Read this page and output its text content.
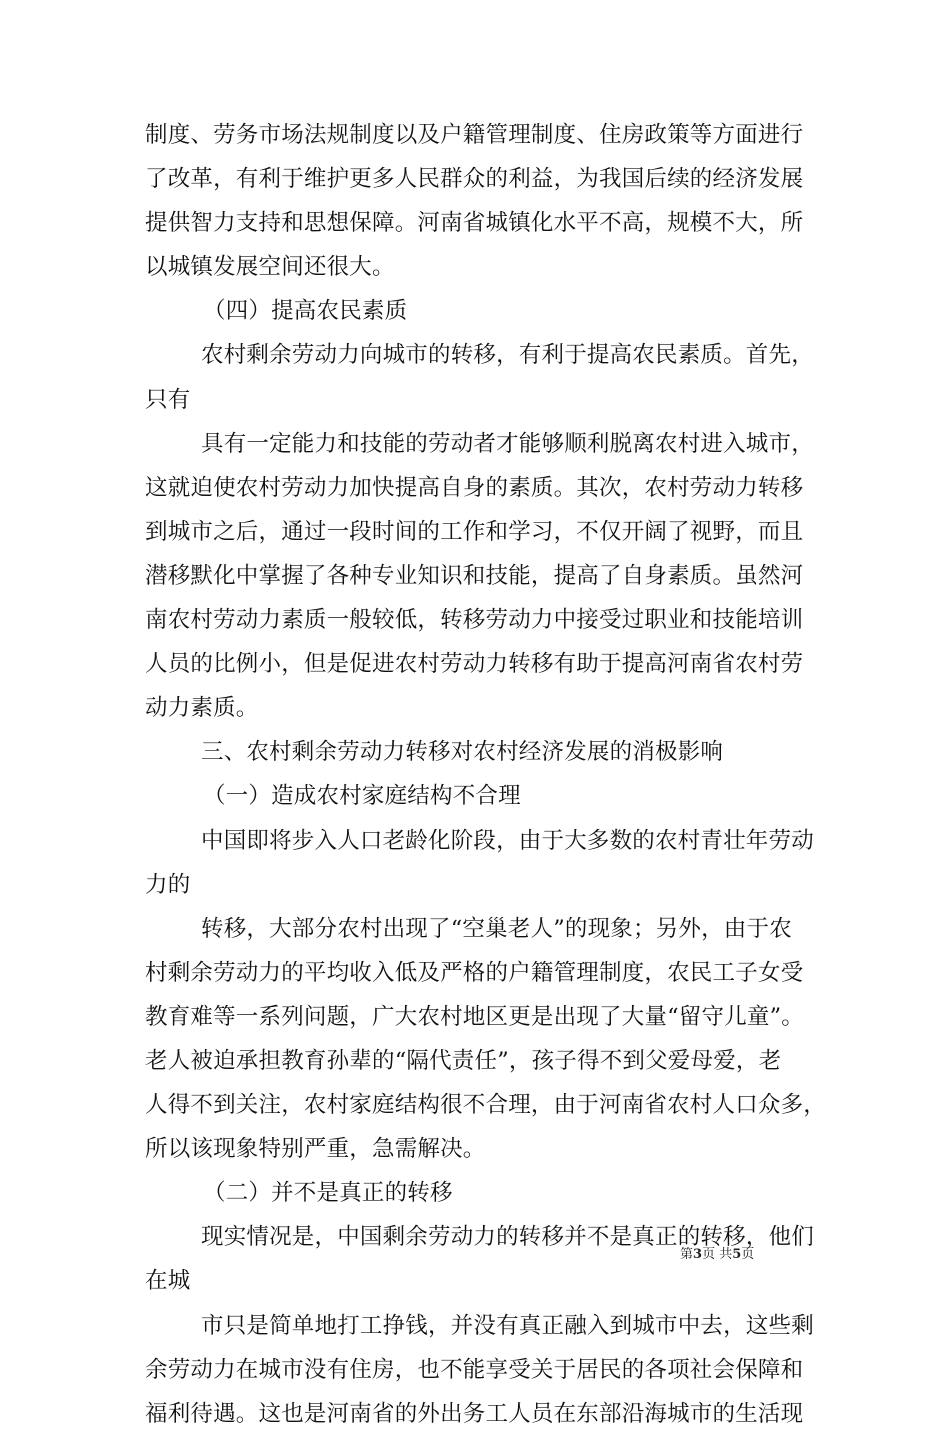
制度、劳务市场法规制度以及户籍管理制度、住房政策等方面进行
了改革，有利于维护更多人民群众的利益，为我国后续的经济发展
提供智力支持和思想保障。河南省城镇化水平不高，规模不大，所
以城镇发展空间还很大。
（四）提高农民素质
农村剩余劳动力向城市的转移，有利于提高农民素质。首先，
只有
具有一定能力和技能的劳动者才能够顺利脱离农村进入城市，
这就迫使农村劳动力加快提高自身的素质。其次，农村劳动力转移
到城市之后，通过一段时间的工作和学习，不仅开阔了视野，而且
潜移默化中掌握了各种专业知识和技能，提高了自身素质。虽然河
南农村劳动力素质一般较低，转移劳动力中接受过职业和技能培训
人员的比例小，但是促进农村劳动力转移有助于提高河南省农村劳
动力素质。
三、农村剩余劳动力转移对农村经济发展的消极影响
（一）造成农村家庭结构不合理
中国即将步入人口老龄化阶段，由于大多数的农村青壮年劳动
力的
转移，大部分农村出现了“空巢老人”的现象；另外，由于农
村剩余劳动力的平均收入低及严格的户籍管理制度，农民工子女受
教育难等一系列问题，广大农村地区更是出现了大量“留守儿童”。
老人被迫承担教育孙辈的“隔代责任”，孩子得不到父爱母爱，老
人得不到关注，农村家庭结构很不合理，由于河南省农村人口众多，
所以该现象特别严重，急需解决。
（二）并不是真正的转移
现实情况是，中国剩余劳动力的转移并不是真正的转移，他们
在城
市只是简单地打工挣钱，并没有真正融入到城市中去，这些剩
余劳动力在城市没有住房，也不能享受关于居民的各项社会保障和
福利待遇。这也是河南省的外出务工人员在东部沿海城市的生活现
第3页 共5页
